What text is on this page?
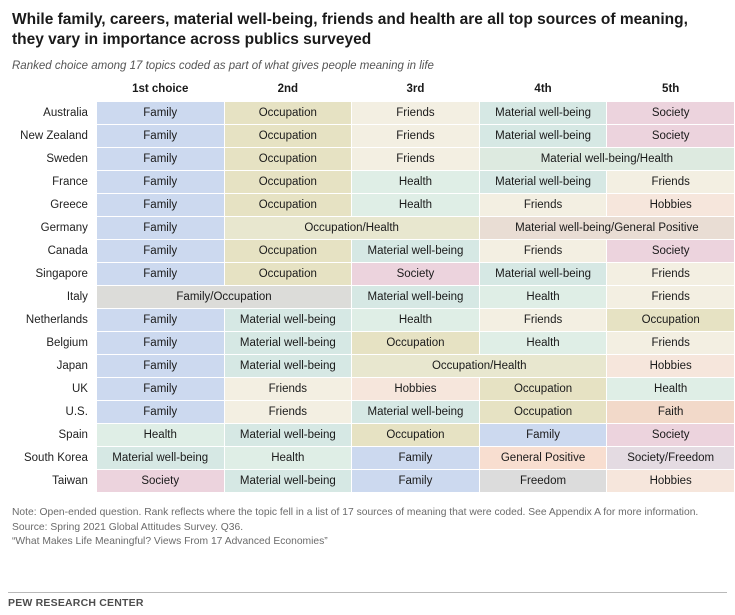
While family, careers, material well-being, friends and health are all top sources of meaning, they vary in importance across publics surveyed
Ranked choice among 17 topics coded as part of what gives people meaning in life
	1st choice	2nd	3rd	4th	5th
Australia	Family	Occupation	Friends	Material well-being	Society
New Zealand	Family	Occupation	Friends	Material well-being	Society
Sweden	Family	Occupation	Friends	Material well-being/Health	
France	Family	Occupation	Health	Material well-being	Friends
Greece	Family	Occupation	Health	Friends	Hobbies
Germany	Family	Occupation/Health		Material well-being/General Positive	
Canada	Family	Occupation	Material well-being	Friends	Society
Singapore	Family	Occupation	Society	Material well-being	Friends
Italy	Family/Occupation		Material well-being	Health	Friends
Netherlands	Family	Material well-being	Health	Friends	Occupation
Belgium	Family	Material well-being	Occupation	Health	Friends
Japan	Family	Material well-being	Occupation/Health		Hobbies
UK	Family	Friends	Hobbies	Occupation	Health
U.S.	Family	Friends	Material well-being	Occupation	Faith
Spain	Health	Material well-being	Occupation	Family	Society
South Korea	Material well-being	Health	Family	General Positive	Society/Freedom
Taiwan	Society	Material well-being	Family	Freedom	Hobbies
Note: Open-ended question. Rank reflects where the topic fell in a list of 17 sources of meaning that were coded. See Appendix A for more information.
Source: Spring 2021 Global Attitudes Survey. Q36.
“What Makes Life Meaningful? Views From 17 Advanced Economies”
PEW RESEARCH CENTER
